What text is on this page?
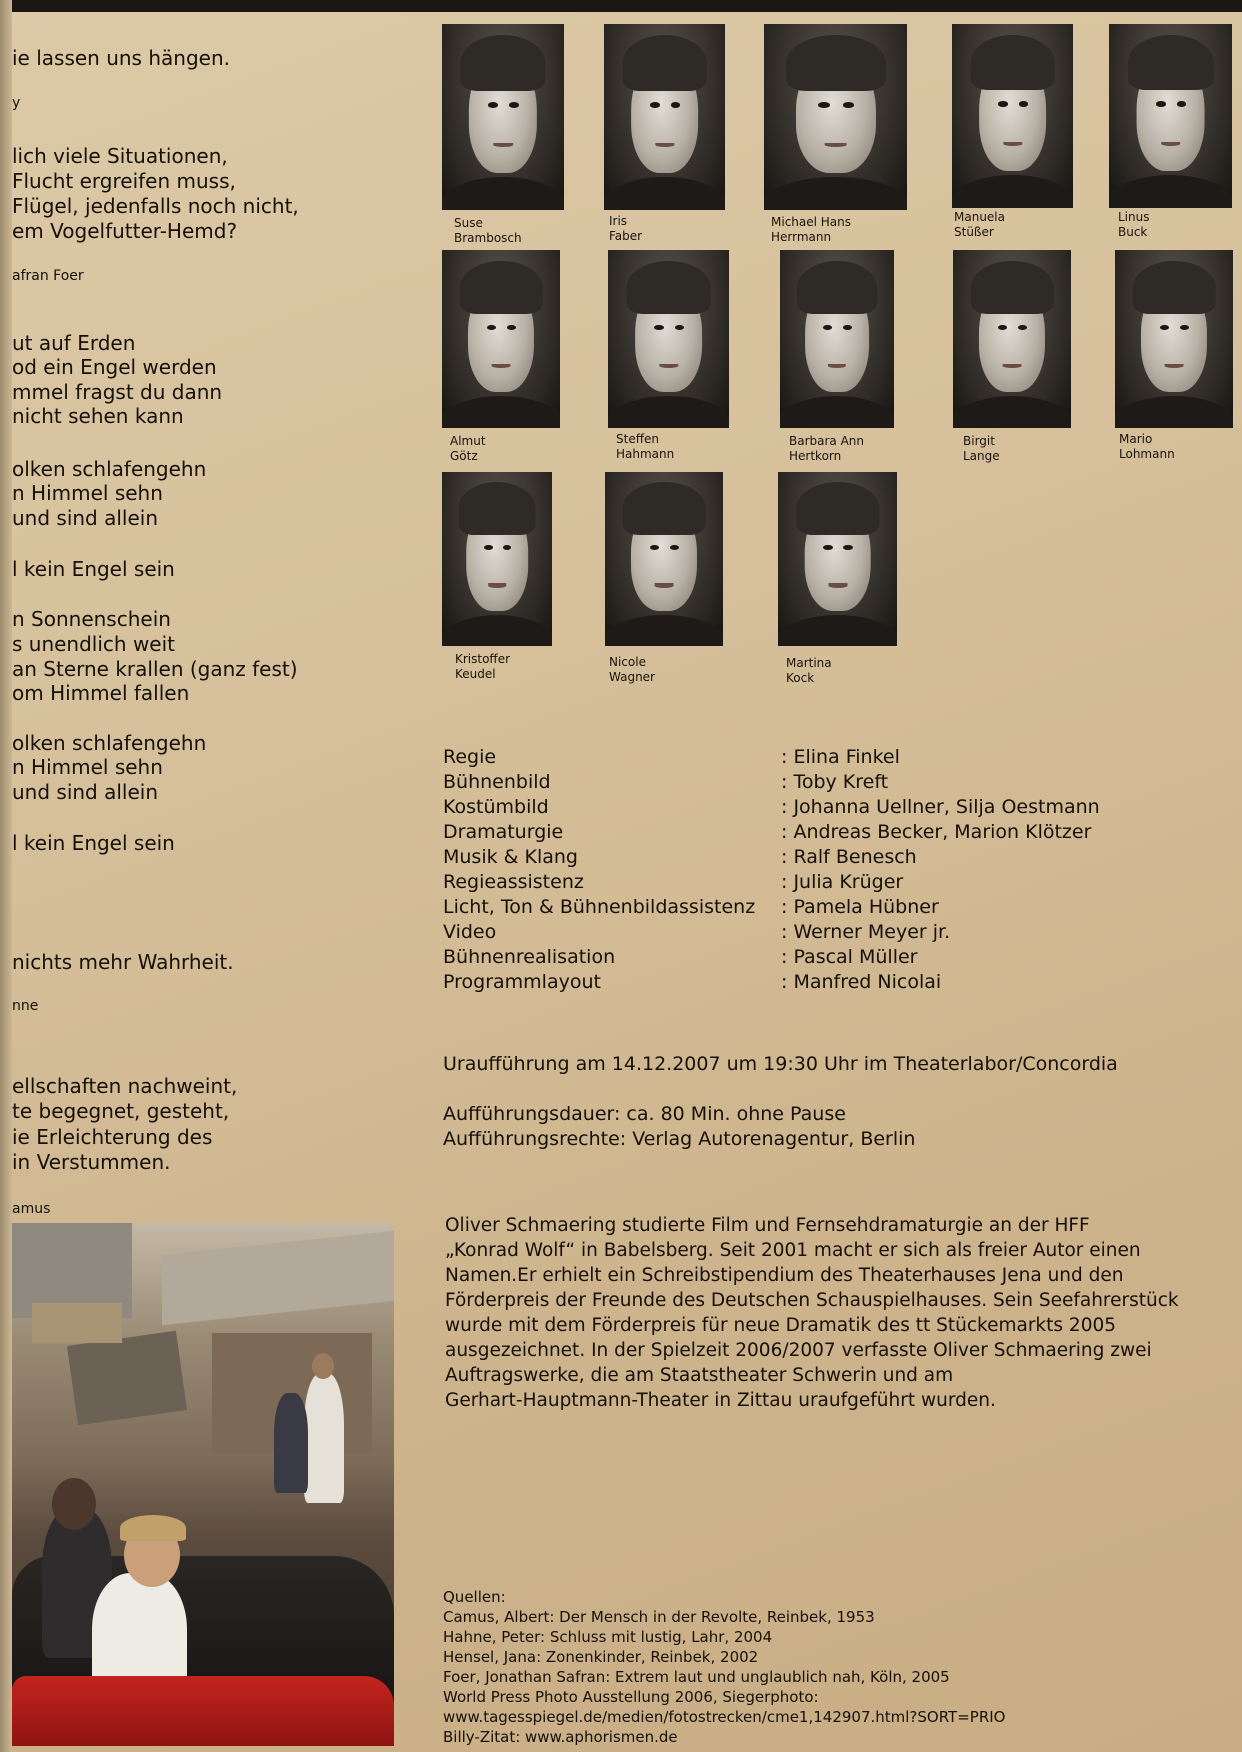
ie lassen uns hängen.
y
lich viele Situationen,
Flucht ergreifen muss,
Flügel, jedenfalls noch nicht,
em Vogelfutter-Hemd?
afran Foer
ut auf Erden
od ein Engel werden
mmel fragst du dann
nicht sehen kann
olken schlafengehn
n Himmel sehn
und sind allein
l kein Engel sein
n Sonnenschein
s unendlich weit
an Sterne krallen (ganz fest)
om Himmel fallen
olken schlafengehn
n Himmel sehn
und sind allein
l kein Engel sein
nichts mehr Wahrheit.
nne
ellschaften nachweint,
te begegnet, gesteht,
ie Erleichterung des
in Verstummen.
amus
Suse
Brambosch
Iris
Faber
Michael Hans
Herrmann
Manuela
Stüßer
Linus
Buck
Almut
Götz
Steffen
Hahmann
Barbara Ann
Hertkorn
Birgit
Lange
Mario
Lohmann
Kristoffer
Keudel
Nicole
Wagner
Martina
Kock
Regie	: Elina Finkel
Bühnenbild	: Toby Kreft
Kostümbild	: Johanna Uellner, Silja Oestmann
Dramaturgie	: Andreas Becker, Marion Klötzer
Musik & Klang	: Ralf Benesch
Regieassistenz	: Julia Krüger
Licht, Ton & Bühnenbildassistenz : Pamela Hübner
Video	: Werner Meyer jr.
Bühnenrealisation	: Pascal Müller
Programmlayout	: Manfred Nicolai
Uraufführung am 14.12.2007 um 19:30 Uhr im Theaterlabor/Concordia
Aufführungsdauer: ca. 80 Min. ohne Pause
Aufführungsrechte: Verlag Autorenagentur, Berlin
Oliver Schmaering studierte Film und Fernsehdramaturgie an der HFF
„Konrad Wolf“ in Babelsberg. Seit 2001 macht er sich als freier Autor einen
Namen.Er erhielt ein Schreibstipendium des Theaterhauses Jena und den
Förderpreis der Freunde des Deutschen Schauspielhauses. Sein Seefahrerstück
wurde mit dem Förderpreis für neue Dramatik des tt Stückemarkts 2005
ausgezeichnet. In der Spielzeit 2006/2007 verfasste Oliver Schmaering zwei
Auftragswerke, die am Staatstheater Schwerin und am
Gerhart-Hauptmann-Theater in Zittau uraufgeführt wurden.
Quellen:
Camus, Albert: Der Mensch in der Revolte, Reinbek, 1953
Hahne, Peter: Schluss mit lustig, Lahr, 2004
Hensel, Jana: Zonenkinder, Reinbek, 2002
Foer, Jonathan Safran: Extrem laut und unglaublich nah, Köln, 2005
World Press Photo Ausstellung 2006, Siegerphoto:
www.tagesspiegel.de/medien/fotostrecken/cme1,142907.html?SORT=PRIO
Billy-Zitat: www.aphorismen.de
